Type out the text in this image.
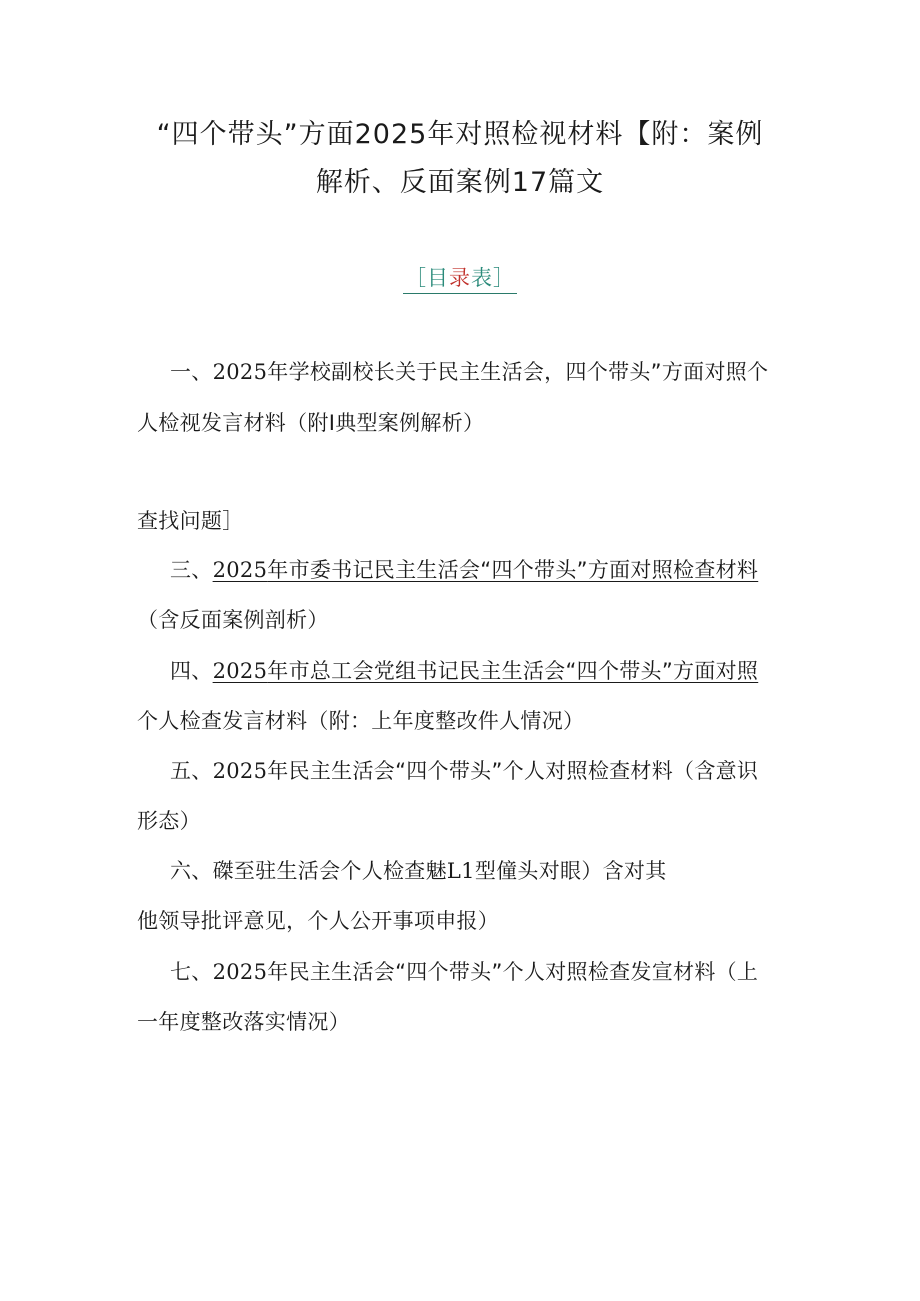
“四个带头”方面2025年对照检视材料【附：案例
解析、反面案例17篇文
［目录表］
一、2025年学校副校长关于民主生活会，四个带头”方面对照个
人检视发言材料（附I典型案例解析）
查找问题］
三、2025年市委书记民主生活会“四个带头”方面对照检查材料
（含反面案例剖析）
四、2025年市总工会党组书记民主生活会“四个带头”方面对照
个人检查发言材料（附：上年度整改件人情况）
五、2025年民主生活会“四个带头”个人对照检查材料（含意识
形态）
六、磔至驻生活会个人检查魅L1型僮头对眼）含对其
他领导批评意见，个人公开事项申报）
七、2025年民主生活会“四个带头”个人对照检查发宣材料（上
一年度整改落实情况）
